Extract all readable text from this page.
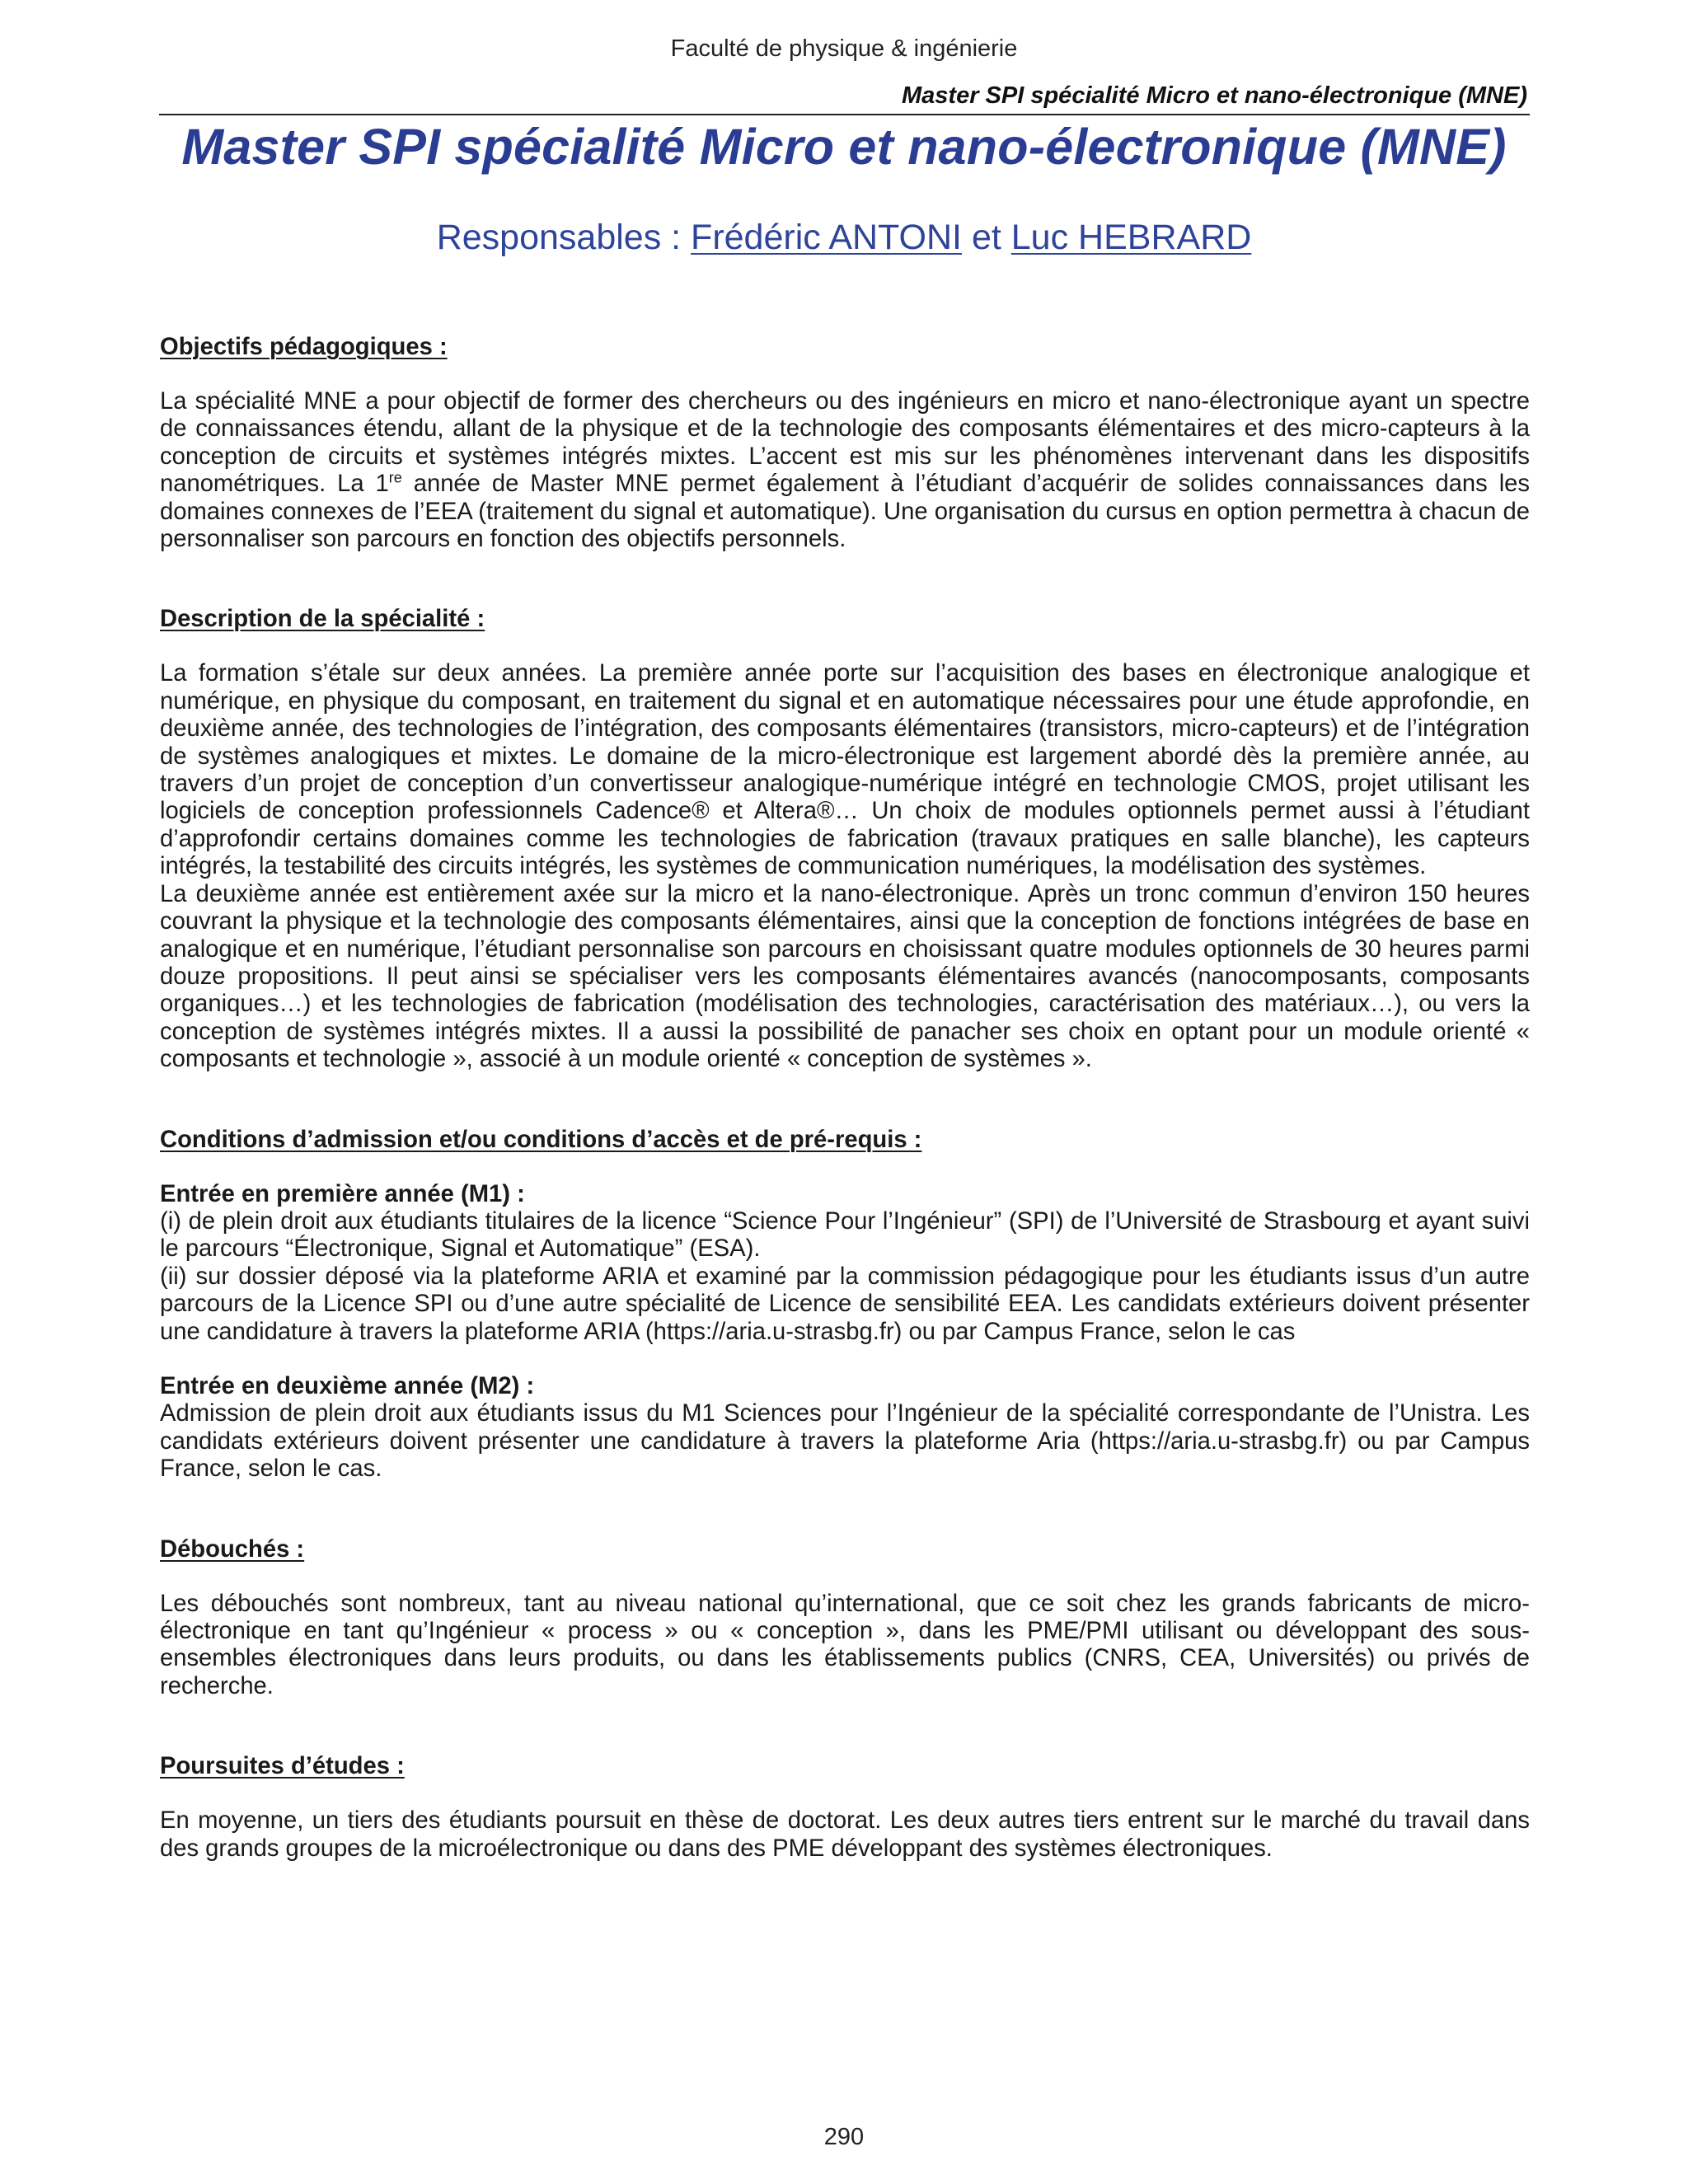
Faculté de physique & ingénierie
Master SPI spécialité Micro et nano-électronique (MNE)
Master SPI spécialité Micro et nano-électronique (MNE)
Responsables : Frédéric ANTONI et Luc HEBRARD

Objectifs pédagogiques :

La spécialité MNE a pour objectif de former des chercheurs ou des ingénieurs en micro et nano-électronique ayant un spectre de connaissances étendu, allant de la physique et de la technologie des composants élémentaires et des micro-capteurs à la conception de circuits et systèmes intégrés mixtes. L’accent est mis sur les phénomènes intervenant dans les dispositifs nanométriques. La 1re année de Master MNE permet également à l’étudiant d’acquérir de solides connaissances dans les domaines connexes de l’EEA (traitement du signal et automatique). Une organisation du cursus en option permettra à chacun de personnaliser son parcours en fonction des objectifs personnels.

Description de la spécialité :

La formation s’étale sur deux années. La première année porte sur l’acquisition des bases en électronique analogique et numérique, en physique du composant, en traitement du signal et en automatique nécessaires pour une étude approfondie, en deuxième année, des technologies de l’intégration, des composants élémentaires (transistors, micro-capteurs) et de l’intégration de systèmes analogiques et mixtes. Le domaine de la micro-électronique est largement abordé dès la première année, au travers d’un projet de conception d’un convertisseur analogique-numérique intégré en technologie CMOS, projet utilisant les logiciels de conception professionnels Cadence® et Altera®… Un choix de modules optionnels permet aussi à l’étudiant d’approfondir certains domaines comme les technologies de fabrication (travaux pratiques en salle blanche), les capteurs intégrés, la testabilité des circuits intégrés, les systèmes de communication numériques, la modélisation des systèmes.

La deuxième année est entièrement axée sur la micro et la nano-électronique. Après un tronc commun d’environ 150 heures couvrant la physique et la technologie des composants élémentaires, ainsi que la conception de fonctions intégrées de base en analogique et en numérique, l’étudiant personnalise son parcours en choisissant quatre modules optionnels de 30 heures parmi douze propositions. Il peut ainsi se spécialiser vers les composants élémentaires avancés (nanocomposants, composants organiques…) et les technologies de fabrication (modélisation des technologies, caractérisation des matériaux…), ou vers la conception de systèmes intégrés mixtes. Il a aussi la possibilité de panacher ses choix en optant pour un module orienté « composants et technologie », associé à un module orienté « conception de systèmes ».

Conditions d’admission et/ou conditions d’accès et de pré-requis :

Entrée en première année (M1) :

(i) de plein droit aux étudiants titulaires de la licence “Science Pour l’Ingénieur” (SPI) de l’Université de Strasbourg et ayant suivi le parcours “Électronique, Signal et Automatique” (ESA).

(ii) sur dossier déposé via la plateforme ARIA et examiné par la commission pédagogique pour les étudiants issus d’un autre parcours de la Licence SPI ou d’une autre spécialité de Licence de sensibilité EEA. Les candidats extérieurs doivent présenter une candidature à travers la plateforme ARIA (https://aria.u-strasbg.fr) ou par Campus France, selon le cas

Entrée en deuxième année (M2) :

Admission de plein droit aux étudiants issus du M1 Sciences pour l’Ingénieur de la spécialité correspondante de l’Unistra. Les candidats extérieurs doivent présenter une candidature à travers la plateforme Aria (https://aria.u-strasbg.fr) ou par Campus France, selon le cas.

Débouchés :

Les débouchés sont nombreux, tant au niveau national qu’international, que ce soit chez les grands fabricants de micro-électronique en tant qu’Ingénieur « process » ou « conception », dans les PME/PMI utilisant ou développant des sous-ensembles électroniques dans leurs produits, ou dans les établissements publics (CNRS, CEA, Universités) ou privés de recherche.

Poursuites d’études :

En moyenne, un tiers des étudiants poursuit en thèse de doctorat. Les deux autres tiers entrent sur le marché du travail dans des grands groupes de la microélectronique ou dans des PME développant des systèmes électroniques.

290
